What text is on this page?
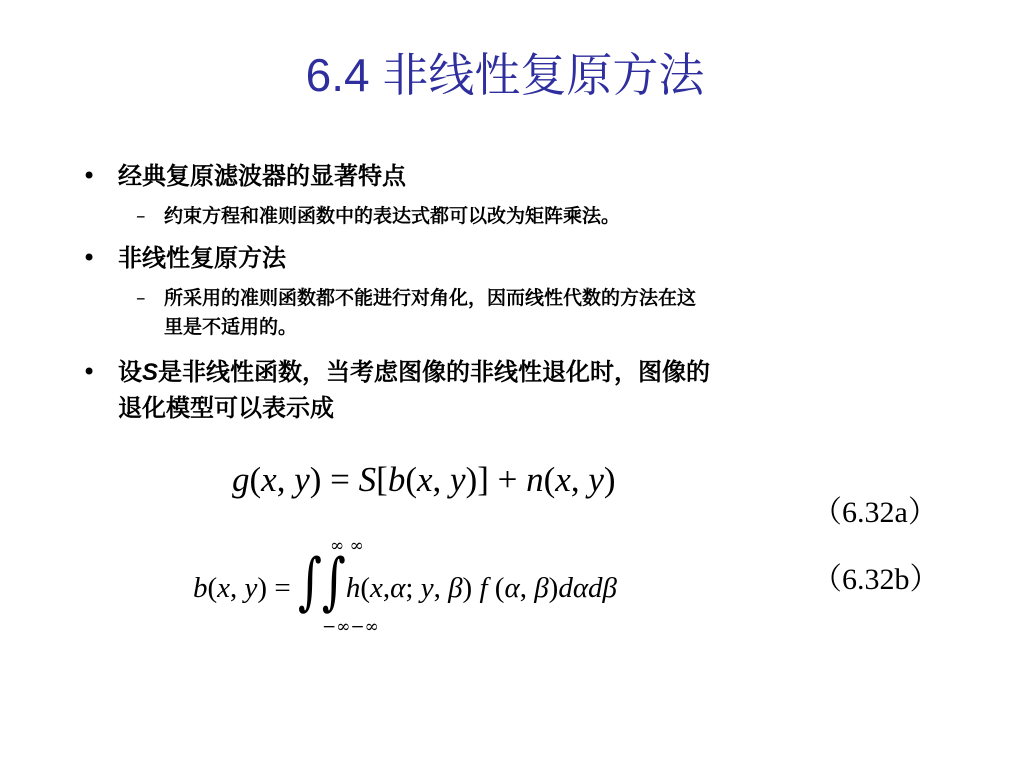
6.4 非线性复原方法
• 经典复原滤波器的显著特点
– 约束方程和准则函数中的表达式都可以改为矩阵乘法。
• 非线性复原方法
– 所采用的准则函数都不能进行对角化，因而线性代数的方法在这
里是不适用的。
• 设S是非线性函数，当考虑图像的非线性退化时，图像的
退化模型可以表示成
g(x, y) = S[b(x, y)] + n(x, y)
（6.32a）
∞ ∞
b(x, y) = ∫∫h(x,α; y, β) f (α, β)dαdβ
−∞−∞
（6.32b）
